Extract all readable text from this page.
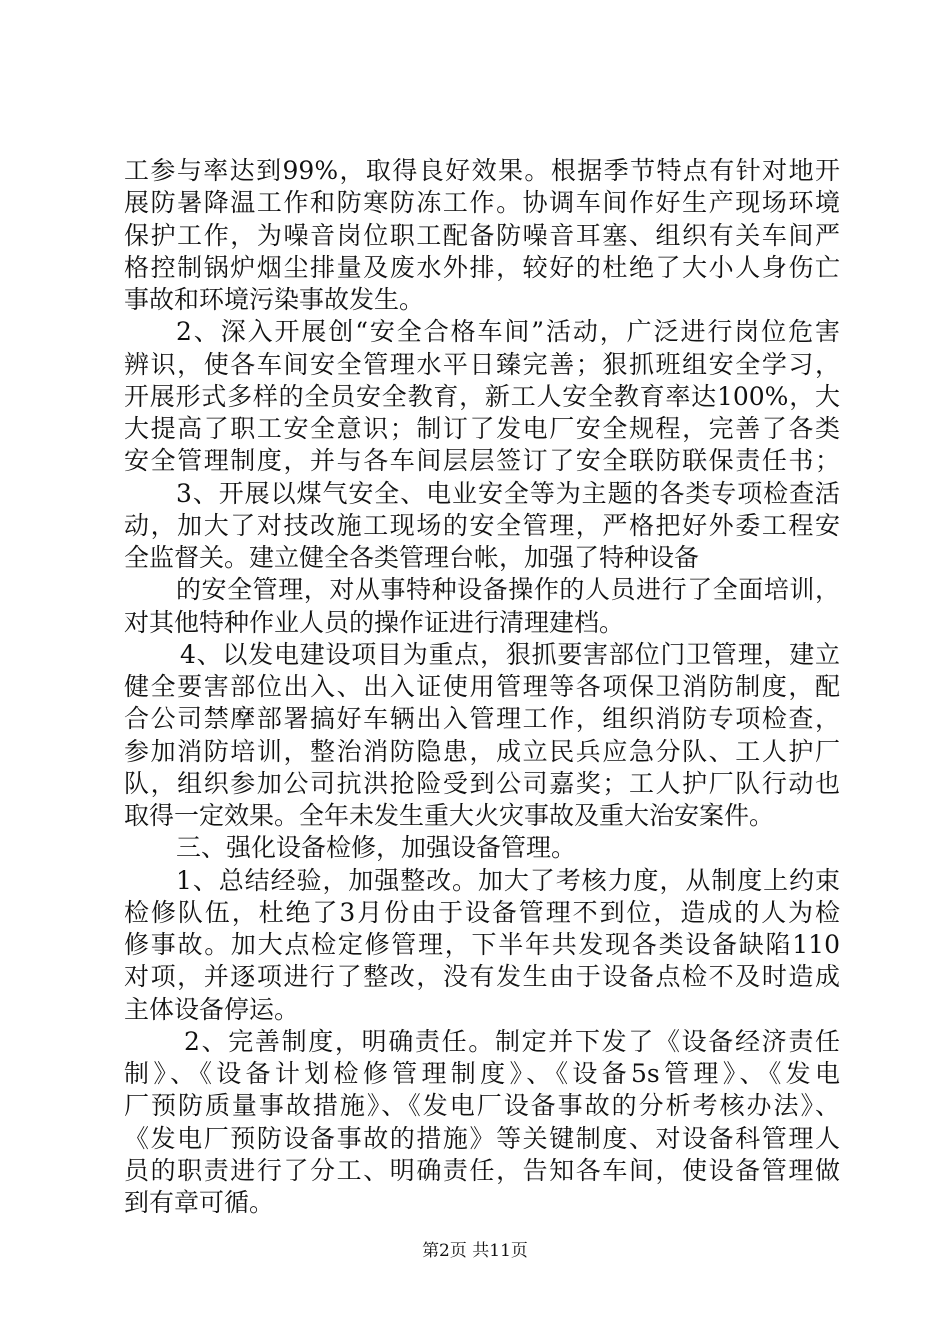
工参与率达到99%，取得良好效果。根据季节特点有针对地开
展防暑降温工作和防寒防冻工作。协调车间作好生产现场环境
保护工作，为噪音岗位职工配备防噪音耳塞、组织有关车间严
格控制锅炉烟尘排量及废水外排，较好的杜绝了大小人身伤亡
事故和环境污染事故发生。
2、深入开展创“安全合格车间”活动，广泛进行岗位危害
辨识，使各车间安全管理水平日臻完善；狠抓班组安全学习，
开展形式多样的全员安全教育，新工人安全教育率达100%，大
大提高了职工安全意识；制订了发电厂安全规程，完善了各类
安全管理制度，并与各车间层层签订了安全联防联保责任书；
3、开展以煤气安全、电业安全等为主题的各类专项检查活
动，加大了对技改施工现场的安全管理，严格把好外委工程安
全监督关。建立健全各类管理台帐，加强了特种设备
的安全管理，对从事特种设备操作的人员进行了全面培训，
对其他特种作业人员的操作证进行清理建档。
4、以发电建设项目为重点，狠抓要害部位门卫管理，建立
健全要害部位出入、出入证使用管理等各项保卫消防制度，配
合公司禁摩部署搞好车辆出入管理工作，组织消防专项检查，
参加消防培训，整治消防隐患，成立民兵应急分队、工人护厂
队，组织参加公司抗洪抢险受到公司嘉奖；工人护厂队行动也
取得一定效果。全年未发生重大火灾事故及重大治安案件。
三、强化设备检修，加强设备管理。
1、总结经验，加强整改。加大了考核力度，从制度上约束
检修队伍，杜绝了3月份由于设备管理不到位，造成的人为检
修事故。加大点检定修管理，下半年共发现各类设备缺陷110
对项，并逐项进行了整改，没有发生由于设备点检不及时造成
主体设备停运。
2、完善制度，明确责任。制定并下发了《设备经济责任
制》、《设备计划检修管理制度》、《设备5s管理》、《发电
厂预防质量事故措施》、《发电厂设备事故的分析考核办法》、
《发电厂预防设备事故的措施》等关键制度、对设备科管理人
员的职责进行了分工、明确责任，告知各车间，使设备管理做
到有章可循。
第2页 共11页
